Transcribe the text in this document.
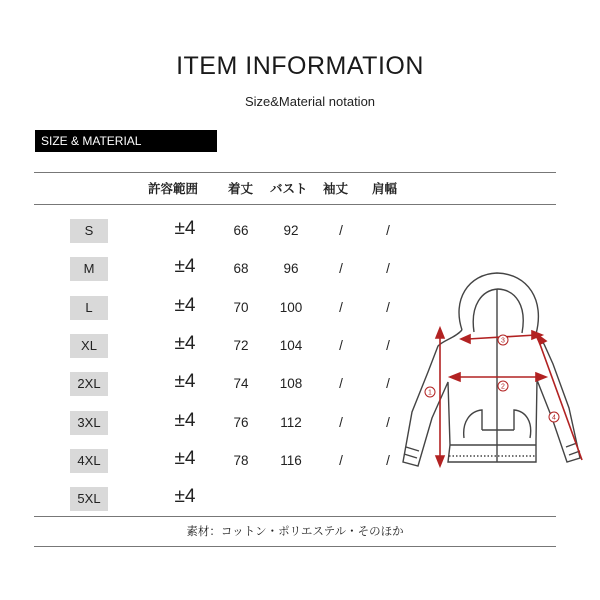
ITEM INFORMATION
Size&Material notation
SIZE & MATERIAL
許容範囲 着丈 バスト 袖丈 肩幅
S	±4	66	92	/	/
M	±4	68	96	/	/
L	±4	70	100	/	/
XL	±4	72	104	/	/
2XL	±4	74	108	/	/
3XL	±4	76	112	/	/
4XL	±4	78	116	/	/
5XL	±4
1
2
3
4
素材：コットン・ポリエステル・そのほか
